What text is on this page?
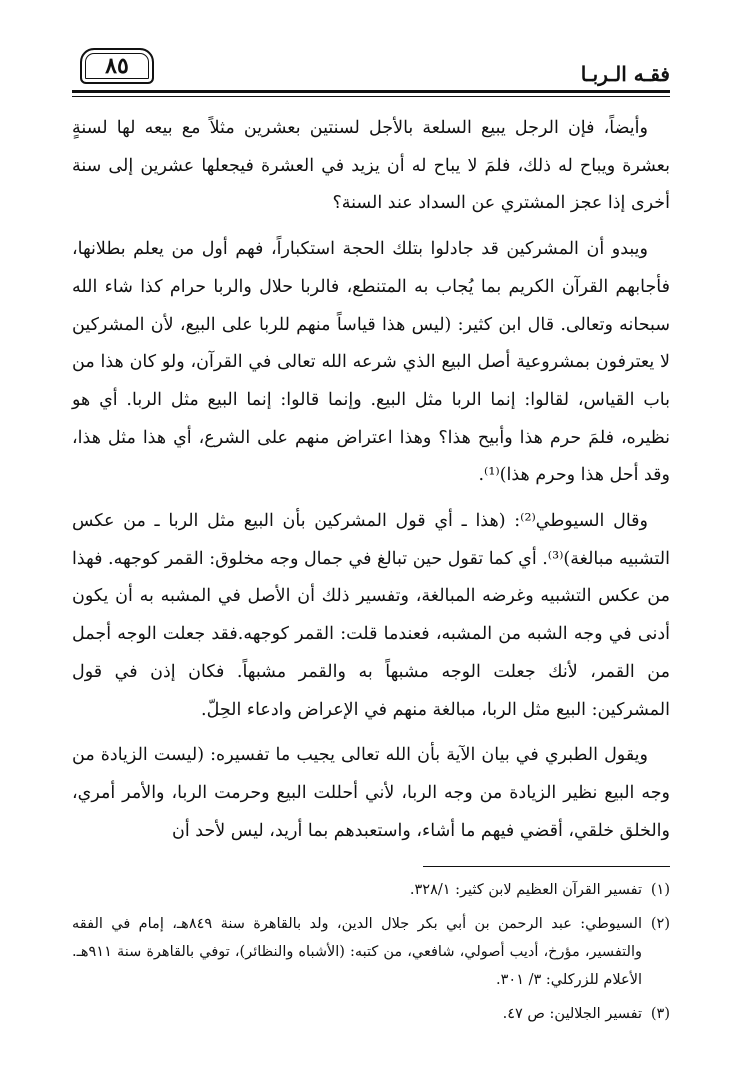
٨٥	فقـه الـربـا

وأيضاً، فإن الرجل يبيع السلعة بالأجل لسنتين بعشرين مثلاً مع بيعه لها لسنةٍ بعشرة ويباح له ذلك، فلمَ لا يباح له أن يزيد في العشرة فيجعلها عشرين إلى سنة أخرى إذا عجز المشتري عن السداد عند السنة؟

ويبدو أن المشركين قد جادلوا بتلك الحجة استكباراً، فهم أول من يعلم بطلانها، فأجابهم القرآن الكريم بما يُجاب به المتنطع، فالربا حلال والربا حرام كذا شاء الله سبحانه وتعالى. قال ابن كثير: (ليس هذا قياساً منهم للربا على البيع، لأن المشركين لا يعترفون بمشروعية أصل البيع الذي شرعه الله تعالى في القرآن، ولو كان هذا من باب القياس، لقالوا: إنما الربا مثل البيع. وإنما قالوا: إنما البيع مثل الربا. أي هو نظيره، فلمَ حرم هذا وأبيح هذا؟ وهذا اعتراض منهم على الشرع، أي هذا مثل هذا، وقد أحل هذا وحرم هذا)⁽¹⁾.

وقال السيوطي⁽²⁾: (هذا ـ أي قول المشركين بأن البيع مثل الربا ـ من عكس التشبيه مبالغة)⁽³⁾. أي كما تقول حين تبالغ في جمال وجه مخلوق: القمر كوجهه. فهذا من عكس التشبيه وغرضه المبالغة، وتفسير ذلك أن الأصل في المشبه به أن يكون أدنى في وجه الشبه من المشبه، فعندما قلت: القمر كوجهه.فقد جعلت الوجه أجمل من القمر، لأنك جعلت الوجه مشبهاً به والقمر مشبهاً. فكان إذن في قول المشركين: البيع مثل الربا، مبالغة منهم في الإعراض وادعاء الحِلّ.

ويقول الطبري في بيان الآية بأن الله تعالى يجيب ما تفسيره: (ليست الزيادة من وجه البيع نظير الزيادة من وجه الربا، لأني أحللت البيع وحرمت الربا، والأمر أمري، والخلق خلقي، أقضي فيهم ما أشاء، واستعبدهم بما أريد، ليس لأحد أن

(١)تفسير القرآن العظيم لابن كثير: ٣٢٨/١.
(٢)السيوطي: عبد الرحمن بن أبي بكر جلال الدين، ولد بالقاهرة سنة ٨٤٩هـ، إمام في الفقه والتفسير، مؤرخ، أديب أصولي، شافعي، من كتبه: (الأشباه والنظائر)، توفي بالقاهرة سنة ٩١١هـ. الأعلام للزركلي: ٣/ ٣٠١.
(٣)تفسير الجلالين: ص ٤٧.
